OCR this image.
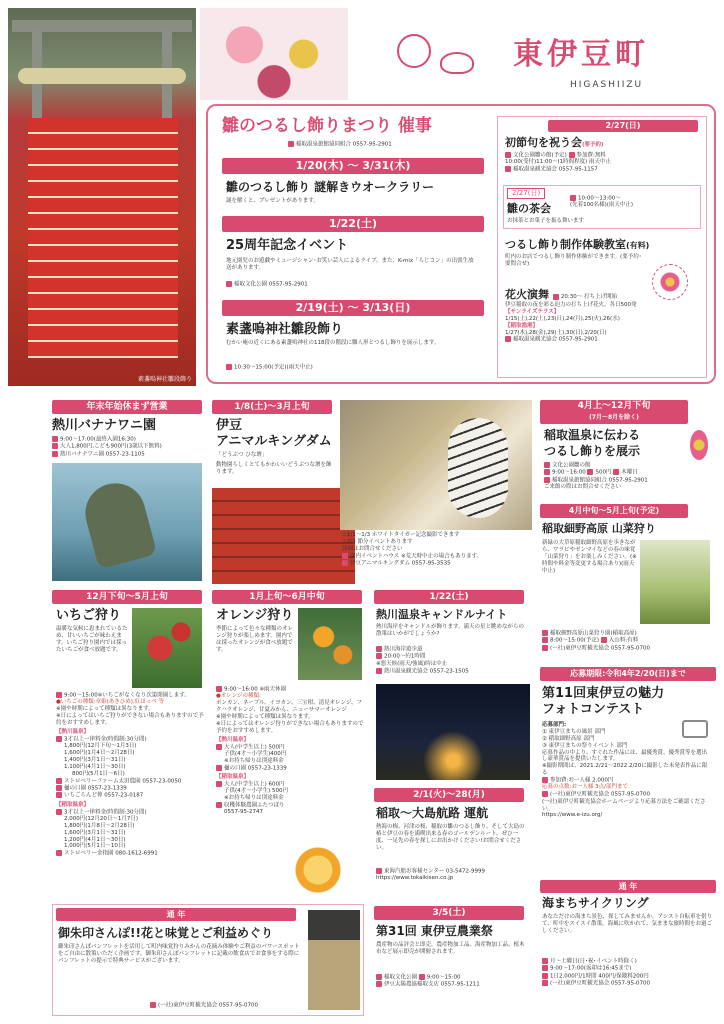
素盞嗚神社雛段飾り
東伊豆町
HIGASHIIZU
雛のつるし飾りまつり 催事
稲取温泉旅館協同組合 0557-95-2901
1/20(木) 〜 3/31(木)
雛のつるし飾り 謎解きウオークラリー
謎を解くと、プレゼントがあります。
1/22(土)
25周年記念イベント
地元園児のお遊戯やミュージシャン･お笑い芸人によるライブ。また、K-mix「らじコン」の出張生放送があります。
稲取文化公園 0557-95-2901
2/19(土) 〜 3/13(日)
素盞嗚神社雛段飾り
むかい庵の近くにある素盞嗚神社の118段の階段に雛人形とつるし飾りを展示します。
10:30〜15:00(予定)(雨天中止)
2/27(日)
初節句を祝う会(要予約)
文化公園雛の館(予定) 参加費:無料
10:00(受付)11:00〜(1時間程度) 雨天中止
稲取温泉観光協会 0557-95-1157
2/27(日)
雛の茶会
10:00〜13:00〜
(先着100名様)(雨天中止)
お抹茶とお菓子を振る舞います
つるし飾り制作体験教室(有料)
町内のお店でつるし飾り制作体験ができます。(要予約･要問合せ)
花火演舞 20:30〜 打ち上げ開始
伊豆稲取の夜を彩る迫力の打ち上げ花火。各日500発
【サンライズテラス】
1/15(土),22(土),23(日),24(月),25(火),26(水)
【稲取漁港】
1/27(木),28(金),29(土),30(日),2/20(日)
稲取温泉観光協会 0557-95-2901
年末年始休まず営業
熱川バナナワニ園
9:00〜17:00(最終入園16:30)
大人1,800円,こども900円(3歳以下無料)
熱川バナナワニ園 0557-23-1105
1/8(土)〜3月上旬
伊豆
アニマルキングダム
「どうぶつ ひな壇」
動物園らしくとてもかわいいどうぶつな壇を飾ります。
☆1/1〜1/3 ホワイトタイガー記念撮影できます
☆2/3 節分イベントあります
詳細はお問合せください
園内イベントハウス ※荒天時中止の場合もあります。
伊豆アニマルキングダム 0557-95-3535
4月上〜12月下旬
(7月〜8月を除く)
稲取温泉に伝わる
つるし飾りを展示
文化公園雛の館
9:00〜16:00 500円 木曜日
稲取温泉旅館協同組合 0557-95-2901
ご来館の際はお問合せください
4月中旬〜5月上旬(予定)
稲取細野高原 山菜狩り
新緑の大草原稲取細野高原を歩きながら、ワラビやゼンマイなどの春の味覚「山菜狩り」をお楽しみください。(※時間や料金等変更する場合あり)(雨天中止)
稲取細野高原山菜狩り園(稲取高原)
8:00〜15:00(予定) 入山料:有料
(一社)東伊豆町観光協会 0557-95-0700
12月下旬〜5月上旬
いちご狩り
温暖な気候に恵まれているため、甘いいちごが味わえます。いちご狩り園内では採ったいちごが食べ放題です。
9:00〜15:00※いちごがなくなり次第閉園します。
●いちごの種類:章姫(あきひめ),紅ほっぺ 等
※園や時期によって種類は異なります。
※日によってはいちご狩りができない場合もありますので予約をおすすめします。
【熱川温泉】
3才以上一律料金(時間制:30分間)
1,800円(12月下旬〜1月3日)
1,600円(1月4日〜2月28日)
1,400円(3月1日〜31日)
1,100円(4月1日〜30日)
800円(5月1日〜6日)
ストロベリーファーム太田農園 0557-23-0050
樋の口園 0557-23-1339
いちごらんど伸 0557-23-0187
【稲取温泉】
3才以上一律料金(時間制:30分間)
2,000円(12月20日〜1月7日)
1,800円(1月8日〜2月28日)
1,600円(3月1日〜31日)
1,200円(4月1日〜30日)
1,000円(5月1日〜10日)
ストロベリー金指園 080-1612-6991
1月上旬〜6月中旬
オレンジ狩り
季節によって色々な種類のオレンジ狩りが楽しめます。園内では採ったオレンジが食べ放題です。
9:00〜16:00 ※雨天休園
●オレンジの種類:
ポンカン、ネーブル、イヨカン、三宝柑、清見オレンジ、フクハラオレンジ、甘夏みかん、ニューサマーオレンジ
※園や時期によって種類は異なります。
※日によってはオレンジ狩りができない場合もありますので予約をおすすめします。
【熱川温泉】
大人(中学生以上) 500円
子供(4才〜小学生)400円
※お持ち帰りは別途料金
樋の口園 0557-23-1339
【稲取温泉】
大人(中学生以上) 600円
子供(4才〜小学生) 500円
※お持ち帰りは別途料金
収穫体験農園ふたつぼり
0557-95-2747
1/22(土)
熱川温泉キャンドルナイト
熱川海岸をキャンドルが飾ります。満天の星と眺めながらの散策はいかがでしょうか?
熱川海岸遊歩道
20:00〜約1時間
※悪天候(雨天/強風)時は中止
熱川温泉観光協会 0557-23-1505
2/1(火)〜28(月)
稲取〜大島航路 運航
熱海の梅、河津の桜、稲取の雛のつるし飾り、そして大島の椿と伊豆の春を満喫出来る春のゴールデンルート。ぜひ一度、一足先の春を探しにお出かけください!お問合せください。
東海汽船お客様センター 03-5472-9999
https://www.tokaikisen.co.jp
応募期限:令和4年2/20(日)まで
第11回東伊豆の魅力
フォトコンテスト
応募部門:
① 東伊豆まちの風景 部門
② 稲取細野高原 部門
③ 東伊豆まちの祭りイベント 部門
応募作品の中より、すぐれた作品には、最優秀賞、優秀賞等を選出し豪華賞品を提供いたします。
※撮影期間は、2021.2/21〜2022.2/20に撮影した未発表作品に限る
参加費:お一人様 2,000円
応募の点数:お一人様 3点/部門まで
(一社)東伊豆町観光協会 0557-95-0700
(一社)東伊豆町観光協会ホームページより応募方法をご確認ください。
https://www.e-izu.org/
通 年
御朱印さんぽ!!花と味覚とご利益めぐり
御朱印さんぽパンフレットを活用して町内味覚狩りみかんの花摘み体験やご利益のパワースポットをご自由に散策いただく企画です。御朱印さんぽパンフレットに記載の飲食店でお食事をする際にパンフレットの提示で特典サービスがございます。
(一社)東伊豆町観光協会 0557-95-0700
3/5(土)
第31回 東伊豆農業祭
農産物の品評会と即売。農産物加工品、海産物加工品、植木市など展示即売が開催されます。
稲取文化公園 9:00〜15:00
伊豆太陽農協稲取支店 0557-95-1211
通 年
海まちサイクリング
あなただけの海まち景色、探してみませんか。アシスト自転車を借りて、町中をスイスイ散策。海風に吹かれて、気ままな旅時間をお過ごしください。
月〜土曜日(日･祝･イベント時除く)
9:00〜17:00(返却は16:45まで)
1日2,000円/1時間 400円/保険料200円
(一社)東伊豆町観光協会 0557-95-0700
